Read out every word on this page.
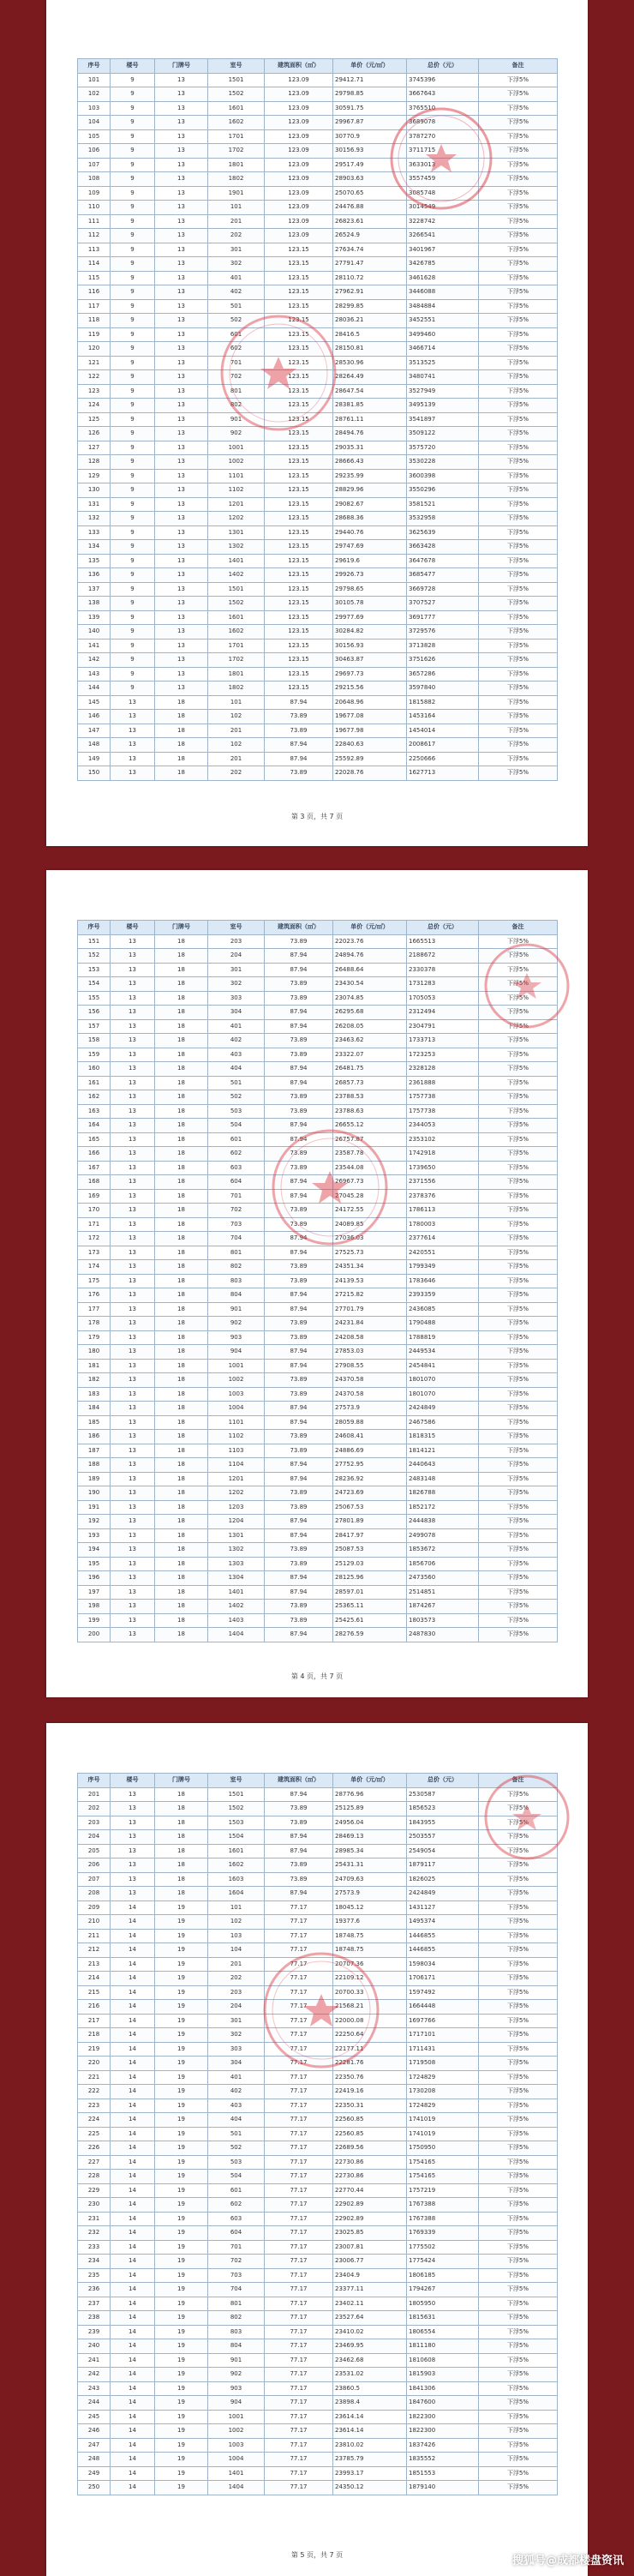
序号	楼号	门牌号	室号	建筑面积（㎡）	单价（元/㎡）	总价（元）	备注
101	9	13	1501	123.09	29412.71	3745396	下浮5%
102	9	13	1502	123.09	29798.85	3667643	下浮5%
103	9	13	1601	123.09	30591.75	3765510	下浮5%
104	9	13	1602	123.09	29967.87	3689078	下浮5%
105	9	13	1701	123.09	30770.9	3787270	下浮5%
106	9	13	1702	123.09	30156.93	3711715	下浮5%
107	9	13	1801	123.09	29517.49	3633013	下浮5%
108	9	13	1802	123.09	28903.63	3557459	下浮5%
109	9	13	1901	123.09	25070.65	3085748	下浮5%
110	9	13	101	123.09	24476.88	3014549	下浮5%
111	9	13	201	123.09	26823.61	3228742	下浮5%
112	9	13	202	123.09	26524.9	3266541	下浮5%
113	9	13	301	123.15	27634.74	3401967	下浮5%
114	9	13	302	123.15	27791.47	3426785	下浮5%
115	9	13	401	123.15	28110.72	3461628	下浮5%
116	9	13	402	123.15	27962.91	3446088	下浮5%
117	9	13	501	123.15	28299.85	3484884	下浮5%
118	9	13	502	123.15	28036.21	3452551	下浮5%
119	9	13	601	123.15	28416.5	3499460	下浮5%
120	9	13	602	123.15	28150.81	3466714	下浮5%
121	9	13	701	123.15	28530.96	3513525	下浮5%
122	9	13	702	123.15	28264.49	3480741	下浮5%
123	9	13	801	123.15	28647.54	3527949	下浮5%
124	9	13	802	123.15	28381.85	3495139	下浮5%
125	9	13	901	123.15	28761.11	3541897	下浮5%
126	9	13	902	123.15	28494.76	3509122	下浮5%
127	9	13	1001	123.15	29035.31	3575720	下浮5%
128	9	13	1002	123.15	28666.43	3530228	下浮5%
129	9	13	1101	123.15	29235.99	3600398	下浮5%
130	9	13	1102	123.15	28829.96	3550296	下浮5%
131	9	13	1201	123.15	29082.67	3581521	下浮5%
132	9	13	1202	123.15	28688.36	3532958	下浮5%
133	9	13	1301	123.15	29440.76	3625639	下浮5%
134	9	13	1302	123.15	29747.69	3663428	下浮5%
135	9	13	1401	123.15	29619.6	3647678	下浮5%
136	9	13	1402	123.15	29926.73	3685477	下浮5%
137	9	13	1501	123.15	29798.65	3669728	下浮5%
138	9	13	1502	123.15	30105.78	3707527	下浮5%
139	9	13	1601	123.15	29977.69	3691777	下浮5%
140	9	13	1602	123.15	30284.82	3729576	下浮5%
141	9	13	1701	123.15	30156.93	3713828	下浮5%
142	9	13	1702	123.15	30463.87	3751626	下浮5%
143	9	13	1801	123.15	29697.73	3657286	下浮5%
144	9	13	1802	123.15	29215.56	3597840	下浮5%
145	13	18	101	87.94	20648.96	1815882	下浮5%
146	13	18	102	73.89	19677.08	1453164	下浮5%
147	13	18	201	73.89	19677.98	1454014	下浮5%
148	13	18	102	87.94	22840.63	2008617	下浮5%
149	13	18	201	87.94	25592.89	2250666	下浮5%
150	13	18	202	73.89	22028.76	1627713	下浮5%
第 3 页，共 7 页
序号	楼号	门牌号	室号	建筑面积（㎡）	单价（元/㎡）	总价（元）	备注
151	13	18	203	73.89	22023.76	1665513	下浮5%
152	13	18	204	87.94	24894.76	2188672	下浮5%
153	13	18	301	87.94	26488.64	2330378	下浮5%
154	13	18	302	73.89	23430.54	1731283	下浮5%
155	13	18	303	73.89	23074.85	1705053	下浮5%
156	13	18	304	87.94	26295.68	2312494	下浮5%
157	13	18	401	87.94	26208.05	2304791	下浮5%
158	13	18	402	73.89	23463.62	1733713	下浮5%
159	13	18	403	73.89	23322.07	1723253	下浮5%
160	13	18	404	87.94	26481.75	2328128	下浮5%
161	13	18	501	87.94	26857.73	2361888	下浮5%
162	13	18	502	73.89	23788.53	1757738	下浮5%
163	13	18	503	73.89	23788.63	1757738	下浮5%
164	13	18	504	87.94	26655.12	2344053	下浮5%
165	13	18	601	87.94	26757.87	2353102	下浮5%
166	13	18	602	73.89	23587.78	1742918	下浮5%
167	13	18	603	73.89	23544.08	1739650	下浮5%
168	13	18	604	87.94	26967.73	2371556	下浮5%
169	13	18	701	87.94	27045.28	2378376	下浮5%
170	13	18	702	73.89	24172.55	1786113	下浮5%
171	13	18	703	73.89	24089.85	1780003	下浮5%
172	13	18	704	87.94	27036.03	2377614	下浮5%
173	13	18	801	87.94	27525.73	2420551	下浮5%
174	13	18	802	73.89	24351.34	1799349	下浮5%
175	13	18	803	73.89	24139.53	1783646	下浮5%
176	13	18	804	87.94	27215.82	2393359	下浮5%
177	13	18	901	87.94	27701.79	2436085	下浮5%
178	13	18	902	73.89	24231.84	1790488	下浮5%
179	13	18	903	73.89	24208.58	1788819	下浮5%
180	13	18	904	87.94	27853.03	2449534	下浮5%
181	13	18	1001	87.94	27908.55	2454841	下浮5%
182	13	18	1002	73.89	24370.58	1801070	下浮5%
183	13	18	1003	73.89	24370.58	1801070	下浮5%
184	13	18	1004	87.94	27573.9	2424849	下浮5%
185	13	18	1101	87.94	28059.88	2467586	下浮5%
186	13	18	1102	73.89	24608.41	1818315	下浮5%
187	13	18	1103	73.89	24886.69	1814121	下浮5%
188	13	18	1104	87.94	27752.95	2440643	下浮5%
189	13	18	1201	87.94	28236.92	2483148	下浮5%
190	13	18	1202	73.89	24723.69	1826788	下浮5%
191	13	18	1203	73.89	25067.53	1852172	下浮5%
192	13	18	1204	87.94	27801.89	2444838	下浮5%
193	13	18	1301	87.94	28417.97	2499078	下浮5%
194	13	18	1302	73.89	25087.53	1853672	下浮5%
195	13	18	1303	73.89	25129.03	1856706	下浮5%
196	13	18	1304	87.94	28125.96	2473560	下浮5%
197	13	18	1401	87.94	28597.01	2514851	下浮5%
198	13	18	1402	73.89	25365.11	1874267	下浮5%
199	13	18	1403	73.89	25425.61	1803573	下浮5%
200	13	18	1404	87.94	28276.59	2487830	下浮5%
第 4 页，共 7 页
序号	楼号	门牌号	室号	建筑面积（㎡）	单价（元/㎡）	总价（元）	备注
201	13	18	1501	87.94	28776.96	2530587	下浮5%
202	13	18	1502	73.89	25125.89	1856523	下浮5%
203	13	18	1503	73.89	24956.04	1843955	下浮5%
204	13	18	1504	87.94	28469.13	2503557	下浮5%
205	13	18	1601	87.94	28985.34	2549054	下浮5%
206	13	18	1602	73.89	25431.31	1879117	下浮5%
207	13	18	1603	73.89	24709.63	1826025	下浮5%
208	13	18	1604	87.94	27573.9	2424849	下浮5%
209	14	19	101	77.17	18045.12	1431127	下浮5%
210	14	19	102	77.17	19377.6	1495374	下浮5%
211	14	19	103	77.17	18748.75	1446855	下浮5%
212	14	19	104	77.17	18748.75	1446855	下浮5%
213	14	19	201	77.17	20707.36	1598034	下浮5%
214	14	19	202	77.17	22109.12	1706171	下浮5%
215	14	19	203	77.17	20700.33	1597492	下浮5%
216	14	19	204	77.17	21568.21	1664448	下浮5%
217	14	19	301	77.17	22000.08	1697766	下浮5%
218	14	19	302	77.17	22250.64	1717101	下浮5%
219	14	19	303	77.17	22177.11	1711431	下浮5%
220	14	19	304	77.17	22281.76	1719508	下浮5%
221	14	19	401	77.17	22350.76	1724829	下浮5%
222	14	19	402	77.17	22419.16	1730208	下浮5%
223	14	19	403	77.17	22350.31	1724829	下浮5%
224	14	19	404	77.17	22560.85	1741019	下浮5%
225	14	19	501	77.17	22560.85	1741019	下浮5%
226	14	19	502	77.17	22689.56	1750950	下浮5%
227	14	19	503	77.17	22730.86	1754165	下浮5%
228	14	19	504	77.17	22730.86	1754165	下浮5%
229	14	19	601	77.17	22770.44	1757219	下浮5%
230	14	19	602	77.17	22902.89	1767388	下浮5%
231	14	19	603	77.17	22902.89	1767388	下浮5%
232	14	19	604	77.17	23025.85	1769339	下浮5%
233	14	19	701	77.17	23007.81	1775502	下浮5%
234	14	19	702	77.17	23006.77	1775424	下浮5%
235	14	19	703	77.17	23404.9	1806185	下浮5%
236	14	19	704	77.17	23377.11	1794267	下浮5%
237	14	19	801	77.17	23402.11	1805950	下浮5%
238	14	19	802	77.17	23527.64	1815631	下浮5%
239	14	19	803	77.17	23410.02	1806554	下浮5%
240	14	19	804	77.17	23469.95	1811180	下浮5%
241	14	19	901	77.17	23462.68	1810608	下浮5%
242	14	19	902	77.17	23531.02	1815903	下浮5%
243	14	19	903	77.17	23860.5	1841306	下浮5%
244	14	19	904	77.17	23898.4	1847600	下浮5%
245	14	19	1001	77.17	23614.14	1822300	下浮5%
246	14	19	1002	77.17	23614.14	1822300	下浮5%
247	14	19	1003	77.17	23810.02	1837426	下浮5%
248	14	19	1004	77.17	23785.79	1835552	下浮5%
249	14	19	1401	77.17	23993.17	1851553	下浮5%
250	14	19	1404	77.17	24350.12	1879140	下浮5%
第 5 页，共 7 页	搜狐号@成都楼盘资讯
